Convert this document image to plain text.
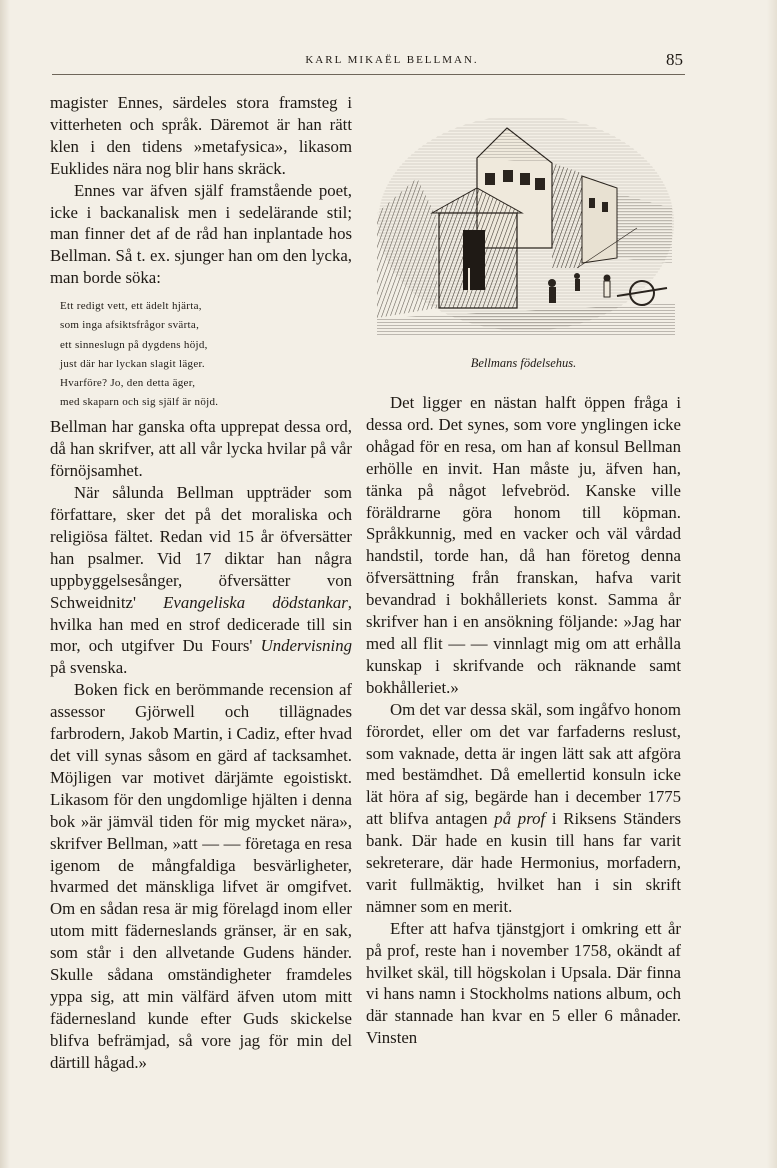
KARL MIKAËL BELLMAN.	85

magister Ennes, särdeles stora framsteg i vitterheten och språk. Däremot är han rätt klen i den tidens »metafysica», likasom Euklides nära nog blir hans skräck.

Ennes var äfven själf framstående poet, icke i backanalisk men i sedelärande stil; man finner det af de råd han inplantade hos Bellman. Så t. ex. sjunger han om den lycka, man borde söka:

Ett redigt vett, ett ädelt hjärta,
som inga afsiktsfrågor svärta,
ett sinneslugn på dygdens höjd,
just där har lyckan slagit läger.
Hvarföre? Jo, den detta äger,
med skaparn och sig själf är nöjd.

Bellman har ganska ofta upprepat dessa ord, då han skrifver, att all vår lycka hvilar på vår förnöjsamhet.

När sålunda Bellman uppträder som författare, sker det på det moraliska och religiösa fältet. Redan vid 15 år öfversätter han psalmer. Vid 17 diktar han några uppbyggelsesånger, öfversätter von Schweidnitz' Evangeliska dödstankar, hvilka han med en strof dedicerade till sin mor, och utgifver Du Fours' Undervisning på svenska.

Boken fick en berömmande recension af assessor Gjörwell och tillägnades farbrodern, Jakob Martin, i Cadiz, efter hvad det vill synas såsom en gärd af tacksamhet. Möjligen var motivet därjämte egoistiskt. Likasom för den ungdomlige hjälten i denna bok »är jämväl tiden för mig mycket nära», skrifver Bellman, »att — — företaga en resa igenom de mångfaldiga besvärligheter, hvarmed det mänskliga lifvet är omgifvet. Om en sådan resa är mig förelagd inom eller utom mitt fäderneslands gränser, är en sak, som står i den allvetande Gudens händer. Skulle sådana omständigheter framdeles yppa sig, att min välfärd äfven utom mitt fädernesland kunde efter Guds skickelse blifva befrämjad, så vore jag för min del därtill hågad.»

Bellmans födelsehus.

Det ligger en nästan halft öppen fråga i dessa ord. Det synes, som vore ynglingen icke ohågad för en resa, om han af konsul Bellman erhölle en invit. Han måste ju, äfven han, tänka på något lefvebröd. Kanske ville föräldrarne göra honom till köpman. Språkkunnig, med en vacker och väl vårdad handstil, torde han, då han företog denna öfversättning från franskan, hafva varit bevandrad i bokhålleriets konst. Samma år skrifver han i en ansökning följande: »Jag har med all flit — — vinnlagt mig om att erhålla kunskap i skrifvande och räknande samt bokhålleriet.»

Om det var dessa skäl, som ingåfvo honom förordet, eller om det var farfaderns reslust, som vaknade, detta är ingen lätt sak att afgöra med bestämdhet. Då emellertid konsuln icke lät höra af sig, begärde han i december 1775 att blifva antagen på prof i Riksens Ständers bank. Där hade en kusin till hans far varit sekreterare, där hade Hermonius, morfadern, varit fullmäktig, hvilket han i sin skrift nämner som en merit.

Efter att hafva tjänstgjort i omkring ett år på prof, reste han i november 1758, okändt af hvilket skäl, till högskolan i Upsala. Där finna vi hans namn i Stockholms nations album, och där stannade han kvar en 5 eller 6 månader. Vinsten
